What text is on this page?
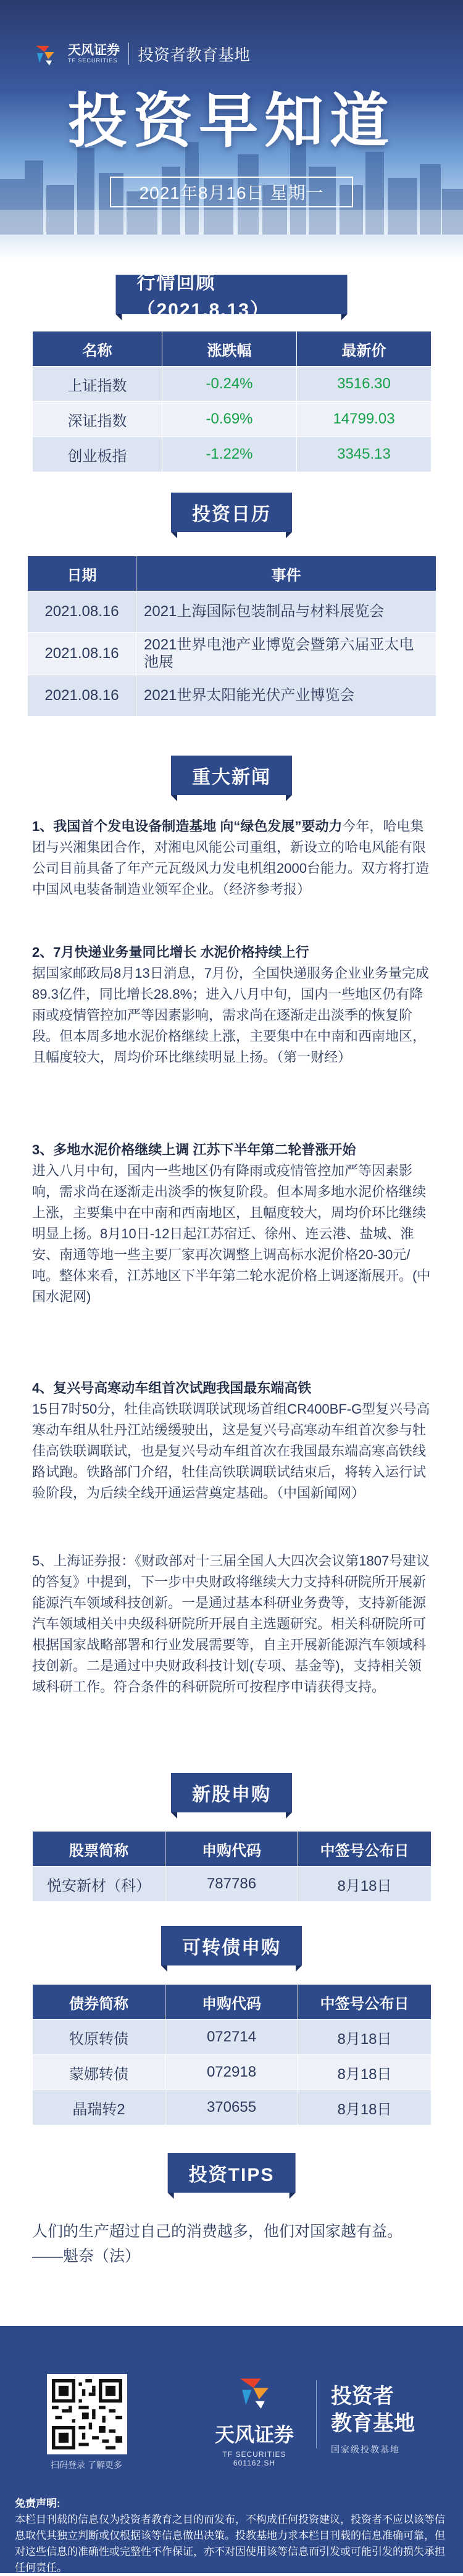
天风证券
TF SECURITIES 投资者教育基地
投资早知道
2021年8月16日 星期一
行情回顾（2021.8.13）
名称	涨跌幅	最新价
上证指数	-0.24%	3516.30
深证指数	-0.69%	14799.03
创业板指	-1.22%	3345.13
投资日历
日期	事件
2021.08.16	2021上海国际包装制品与材料展览会
2021.08.16	2021世界电池产业博览会暨第六届亚太电池展
2021.08.16	2021世界太阳能光伏产业博览会
重大新闻

1、我国首个发电设备制造基地 向“绿色发展”要动力今年，哈电集团与兴湘集团合作，对湘电风能公司重组，新设立的哈电风能有限公司目前具备了年产元瓦级风力发电机组2000台能力。双方将打造中国风电装备制造业领军企业。（经济参考报）

2、7月快递业务量同比增长 水泥价格持续上行

据国家邮政局8月13日消息，7月份，全国快递服务企业业务量完成89.3亿件，同比增长28.8%；进入八月中旬，国内一些地区仍有降雨或疫情管控加严等因素影响，需求尚在逐渐走出淡季的恢复阶段。但本周多地水泥价格继续上涨，主要集中在中南和西南地区，且幅度较大，周均价环比继续明显上扬。（第一财经）

3、多地水泥价格继续上调 江苏下半年第二轮普涨开始

进入八月中旬，国内一些地区仍有降雨或疫情管控加严等因素影响，需求尚在逐渐走出淡季的恢复阶段。但本周多地水泥价格继续上涨，主要集中在中南和西南地区，且幅度较大，周均价环比继续明显上扬。8月10日-12日起江苏宿迁、徐州、连云港、盐城、淮安、南通等地一些主要厂家再次调整上调高标水泥价格20-30元/吨。整体来看，江苏地区下半年第二轮水泥价格上调逐渐展开。(中国水泥网)

4、复兴号高寒动车组首次试跑我国最东端高铁

15日7时50分，牡佳高铁联调联试现场首组CR400BF-G型复兴号高寒动车组从牡丹江站缓缓驶出，这是复兴号高寒动车组首次参与牡佳高铁联调联试，也是复兴号动车组首次在我国最东端高寒高铁线路试跑。铁路部门介绍，牡佳高铁联调联试结束后，将转入运行试验阶段，为后续全线开通运营奠定基础。（中国新闻网）

5、上海证券报：《财政部对十三届全国人大四次会议第1807号建议的答复》中提到，下一步中央财政将继续大力支持科研院所开展新能源汽车领域科技创新。一是通过基本科研业务费等，支持新能源汽车领域相关中央级科研院所开展自主选题研究。相关科研院所可根据国家战略部署和行业发展需要等，自主开展新能源汽车领域科技创新。二是通过中央财政科技计划(专项、基金等)，支持相关领域科研工作。符合条件的科研院所可按程序申请获得支持。

新股申购
股票简称	申购代码	中签号公布日
悦安新材（科）	787786	8月18日
可转债申购
债券简称	申购代码	中签号公布日
牧原转债	072714	8月18日
蒙娜转债	072918	8月18日
晶瑞转2	370655	8月18日
投资TIPS
人们的生产超过自己的消费越多，他们对国家越有益。——魁奈（法）
扫码登录 了解更多
天风证券
TF SECURITIES 601162.SH
投资者
教育基地
国家级投教基地
免责声明:
本栏目刊载的信息仅为投资者教育之目的而发布，不构成任何投资建议，投资者不应以该等信息取代其独立判断或仅根据该等信息做出决策。投教基地力求本栏目刊载的信息准确可靠，但对这些信息的准确性或完整性不作保证，亦不对因使用该等信息而引发或可能引发的损失承担任何责任。
